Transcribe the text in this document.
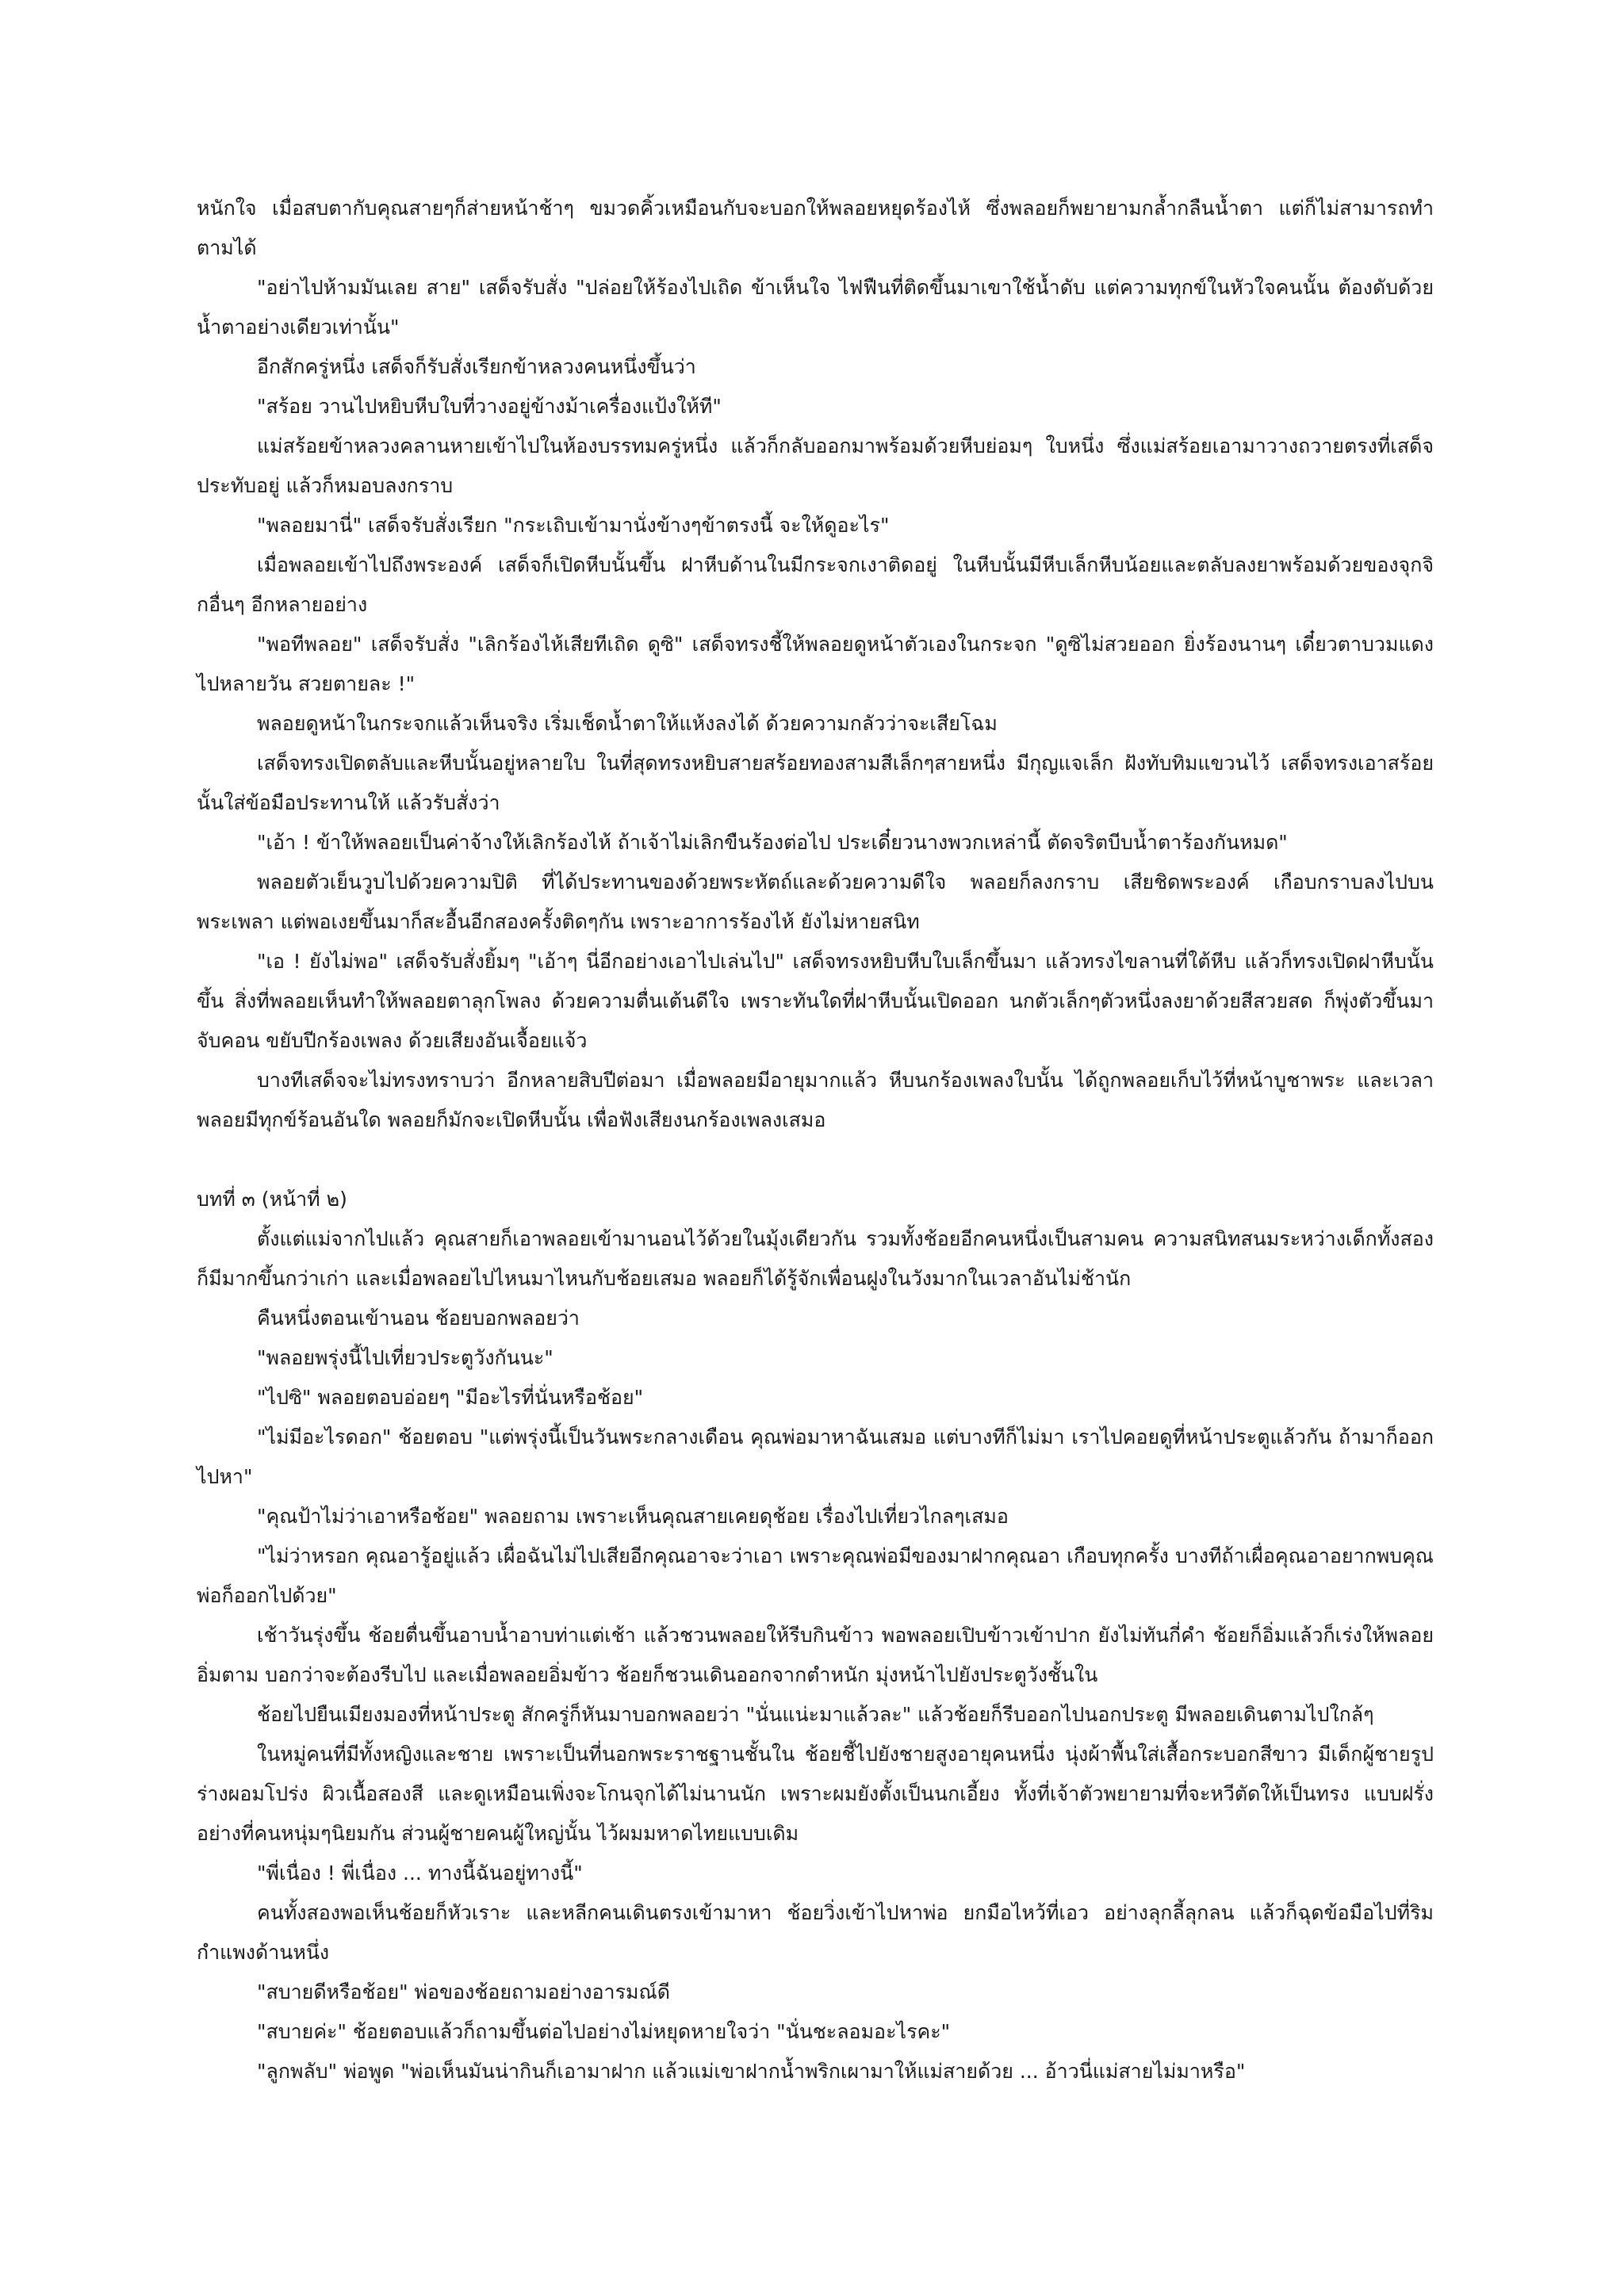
หนักใจ เมื่อสบตากับคุณสายๆก็ส่ายหน้าช้าๆ ขมวดคิ้วเหมือนกับจะบอกให้พลอยหยุดร้องไห้ ซึ่งพลอยก็พยายามกล้ำกลืนน้ำตา แต่ก็ไม่สามารถทำตามได้

"อย่าไปห้ามมันเลย สาย" เสด็จรับสั่ง "ปล่อยให้ร้องไปเถิด ข้าเห็นใจ ไฟฟืนที่ติดขึ้นมาเขาใช้น้ำดับ แต่ความทุกข์ในหัวใจคนนั้น ต้องดับด้วยน้ำตาอย่างเดียวเท่านั้น"

อีกสักครู่หนึ่ง เสด็จก็รับสั่งเรียกข้าหลวงคนหนึ่งขึ้นว่า

"สร้อย วานไปหยิบหีบใบที่วางอยู่ข้างม้าเครื่องแป้งให้ที"

แม่สร้อยข้าหลวงคลานหายเข้าไปในห้องบรรทมครู่หนึ่ง แล้วก็กลับออกมาพร้อมด้วยหีบย่อมๆ ใบหนึ่ง ซึ่งแม่สร้อยเอามาวางถวายตรงที่เสด็จประทับอยู่ แล้วก็หมอบลงกราบ

"พลอยมานี่" เสด็จรับสั่งเรียก "กระเถิบเข้ามานั่งข้างๆข้าตรงนี้ จะให้ดูอะไร"

เมื่อพลอยเข้าไปถึงพระองค์ เสด็จก็เปิดหีบนั้นขึ้น ฝาหีบด้านในมีกระจกเงาติดอยู่ ในหีบนั้นมีหีบเล็กหีบน้อยและตลับลงยาพร้อมด้วยของจุกจิกอื่นๆ อีกหลายอย่าง

"พอทีพลอย" เสด็จรับสั่ง "เลิกร้องไห้เสียทีเถิด ดูซิ" เสด็จทรงชี้ให้พลอยดูหน้าตัวเองในกระจก "ดูซิไม่สวยออก ยิ่งร้องนานๆ เดี๋ยวตาบวมแดงไปหลายวัน สวยตายละ !"

พลอยดูหน้าในกระจกแล้วเห็นจริง เริ่มเช็ดน้ำตาให้แห้งลงได้ ด้วยความกลัวว่าจะเสียโฉม

เสด็จทรงเปิดตลับและหีบนั้นอยู่หลายใบ ในที่สุดทรงหยิบสายสร้อยทองสามสีเล็กๆสายหนึ่ง มีกุญแจเล็ก ฝังทับทิมแขวนไว้ เสด็จทรงเอาสร้อยนั้นใส่ข้อมือประทานให้ แล้วรับสั่งว่า

"เอ้า ! ข้าให้พลอยเป็นค่าจ้างให้เลิกร้องไห้ ถ้าเจ้าไม่เลิกขืนร้องต่อไป ประเดี๋ยวนางพวกเหล่านี้ ตัดจริตบีบน้ำตาร้องกันหมด"

พลอยตัวเย็นวูบไปด้วยความปิติ ที่ได้ประทานของด้วยพระหัตถ์และด้วยความดีใจ พลอยก็ลงกราบ เสียชิดพระองค์ เกือบกราบลงไปบนพระเพลา แต่พอเงยขึ้นมาก็สะอื้นอีกสองครั้งติดๆกัน เพราะอาการร้องไห้ ยังไม่หายสนิท

"เอ ! ยังไม่พอ" เสด็จรับสั่งยิ้มๆ "เอ้าๆ นี่อีกอย่างเอาไปเล่นไป" เสด็จทรงหยิบหีบใบเล็กขึ้นมา แล้วทรงไขลานที่ใต้หีบ แล้วก็ทรงเปิดฝาหีบนั้นขึ้น สิ่งที่พลอยเห็นทำให้พลอยตาลุกโพลง ด้วยความตื่นเต้นดีใจ เพราะทันใดที่ฝาหีบนั้นเปิดออก นกตัวเล็กๆตัวหนึ่งลงยาด้วยสีสวยสด ก็พุ่งตัวขึ้นมาจับคอน ขยับปีกร้องเพลง ด้วยเสียงอันเจื้อยแจ้ว

บางทีเสด็จจะไม่ทรงทราบว่า อีกหลายสิบปีต่อมา เมื่อพลอยมีอายุมากแล้ว หีบนกร้องเพลงใบนั้น ได้ถูกพลอยเก็บไว้ที่หน้าบูชาพระ และเวลาพลอยมีทุกข์ร้อนอันใด พลอยก็มักจะเปิดหีบนั้น เพื่อฟังเสียงนกร้องเพลงเสมอ

บทที่ ๓ (หน้าที่ ๒)

ตั้งแต่แม่จากไปแล้ว คุณสายก็เอาพลอยเข้ามานอนไว้ด้วยในมุ้งเดียวกัน รวมทั้งช้อยอีกคนหนึ่งเป็นสามคน ความสนิทสนมระหว่างเด็กทั้งสองก็มีมากขึ้นกว่าเก่า และเมื่อพลอยไปไหนมาไหนกับช้อยเสมอ พลอยก็ได้รู้จักเพื่อนฝูงในวังมากในเวลาอันไม่ช้านัก

คืนหนึ่งตอนเข้านอน ช้อยบอกพลอยว่า

"พลอยพรุ่งนี้ไปเที่ยวประตูวังกันนะ"

"ไปซิ" พลอยตอบอ่อยๆ "มีอะไรที่นั่นหรือช้อย"

"ไม่มีอะไรดอก" ช้อยตอบ "แต่พรุ่งนี้เป็นวันพระกลางเดือน คุณพ่อมาหาฉันเสมอ แต่บางทีก็ไม่มา เราไปคอยดูที่หน้าประตูแล้วกัน ถ้ามาก็ออกไปหา"

"คุณป้าไม่ว่าเอาหรือช้อย" พลอยถาม เพราะเห็นคุณสายเคยดุช้อย เรื่องไปเที่ยวไกลๆเสมอ

"ไม่ว่าหรอก คุณอารู้อยู่แล้ว เผื่อฉันไม่ไปเสียอีกคุณอาจะว่าเอา เพราะคุณพ่อมีของมาฝากคุณอา เกือบทุกครั้ง บางทีถ้าเผื่อคุณอาอยากพบคุณพ่อก็ออกไปด้วย"

เช้าวันรุ่งขึ้น ช้อยตื่นขึ้นอาบน้ำอาบท่าแต่เช้า แล้วชวนพลอยให้รีบกินข้าว พอพลอยเปิบข้าวเข้าปาก ยังไม่ทันกี่คำ ช้อยก็อิ่มแล้วก็เร่งให้พลอยอิ่มตาม บอกว่าจะต้องรีบไป และเมื่อพลอยอิ่มข้าว ช้อยก็ชวนเดินออกจากตำหนัก มุ่งหน้าไปยังประตูวังชั้นใน

ช้อยไปยืนเมียงมองที่หน้าประตู สักครู่ก็หันมาบอกพลอยว่า "นั่นแน่ะมาแล้วละ" แล้วช้อยก็รีบออกไปนอกประตู มีพลอยเดินตามไปใกล้ๆ

ในหมู่คนที่มีทั้งหญิงและชาย เพราะเป็นที่นอกพระราชฐานชั้นใน ช้อยชี้ไปยังชายสูงอายุคนหนึ่ง นุ่งผ้าพื้นใส่เสื้อกระบอกสีขาว มีเด็กผู้ชายรูปร่างผอมโปร่ง ผิวเนื้อสองสี และดูเหมือนเพิ่งจะโกนจุกได้ไม่นานนัก เพราะผมยังตั้งเป็นนกเอี้ยง ทั้งที่เจ้าตัวพยายามที่จะหวีตัดให้เป็นทรง แบบฝรั่งอย่างที่คนหนุ่มๆนิยมกัน ส่วนผู้ชายคนผู้ใหญ่นั้น ไว้ผมมหาดไทยแบบเดิม

"พี่เนื่อง ! พี่เนื่อง ... ทางนี้ฉันอยู่ทางนี้"

คนทั้งสองพอเห็นช้อยก็หัวเราะ และหลีกคนเดินตรงเข้ามาหา ช้อยวิ่งเข้าไปหาพ่อ ยกมือไหว้ที่เอว อย่างลุกลี้ลุกลน แล้วก็ฉุดข้อมือไปที่ริมกำแพงด้านหนึ่ง

"สบายดีหรือช้อย" พ่อของช้อยถามอย่างอารมณ์ดี

"สบายค่ะ" ช้อยตอบแล้วก็ถามขึ้นต่อไปอย่างไม่หยุดหายใจว่า "นั่นชะลอมอะไรคะ"

"ลูกพลับ" พ่อพูด "พ่อเห็นมันน่ากินก็เอามาฝาก แล้วแม่เขาฝากน้ำพริกเผามาให้แม่สายด้วย ... อ้าวนี่แม่สายไม่มาหรือ"
